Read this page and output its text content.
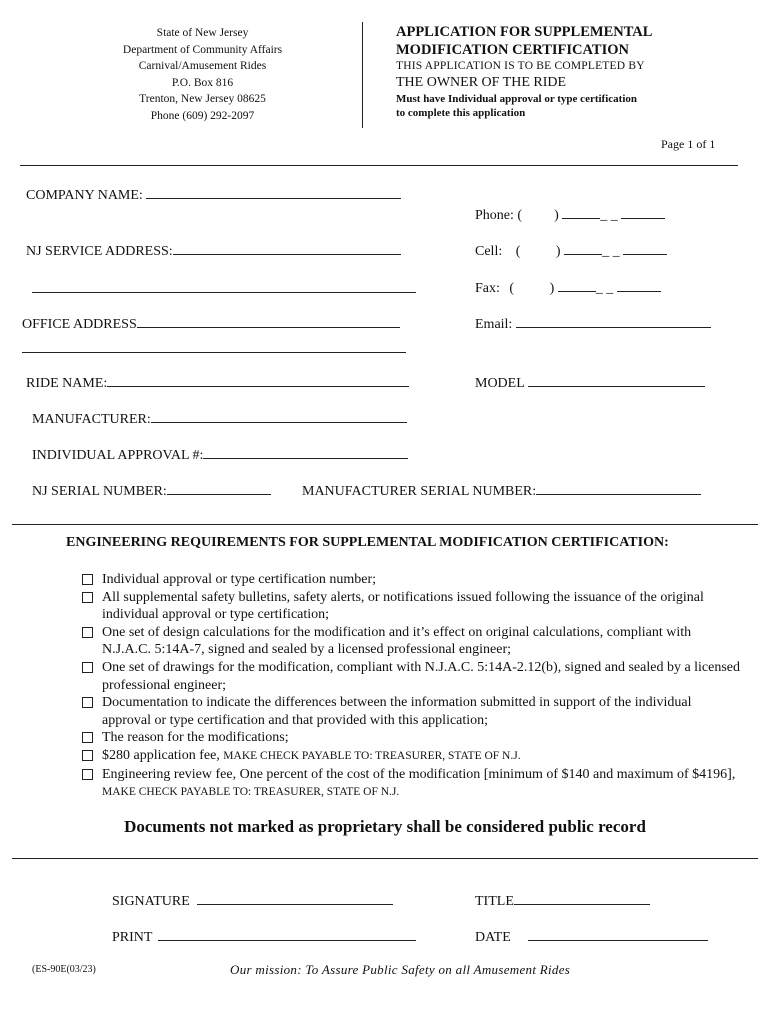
State of New Jersey
Department of Community Affairs
Carnival/Amusement Rides
P.O. Box 816
Trenton, New Jersey 08625
Phone (609) 292-2097
APPLICATION FOR SUPPLEMENTAL
MODIFICATION CERTIFICATION
THIS APPLICATION IS TO BE COMPLETED BY
THE OWNER OF THE RIDE
Must have Individual approval or type certification
to complete this application
Page 1 of 1
COMPANY NAME:
Phone: ( )	_ _
NJ SERVICE ADDRESS:	Cell: (	)	_ _
Fax: (	)	_ _
OFFICE ADDRESS	Email:
RIDE NAME:	MODEL
MANUFACTURER:
INDIVIDUAL APPROVAL #:
NJ SERIAL NUMBER:	MANUFACTURER SERIAL NUMBER:
ENGINEERING REQUIREMENTS FOR SUPPLEMENTAL MODIFICATION CERTIFICATION:
Individual approval or type certification number;
All supplemental safety bulletins, safety alerts, or notifications issued following the issuance of the original individual approval or type certification;
One set of design calculations for the modification and it’s effect on original calculations, compliant with N.J.A.C. 5:14A-7, signed and sealed by a licensed professional engineer;
One set of drawings for the modification, compliant with N.J.A.C. 5:14A-2.12(b), signed and sealed by a licensed professional engineer;
Documentation to indicate the differences between the information submitted in support of the individual approval or type certification and that provided with this application;
The reason for the modifications;
$280 application fee, MAKE CHECK PAYABLE TO: TREASURER, STATE OF N.J.
Engineering review fee, One percent of the cost of the modification [minimum of $140 and maximum of $4196], MAKE CHECK PAYABLE TO: TREASURER, STATE OF N.J.
Documents not marked as proprietary shall be considered public record
SIGNATURE	TITLE
PRINT	DATE
(ES-90E(03/23)	Our mission: To Assure Public Safety on all Amusement Rides
